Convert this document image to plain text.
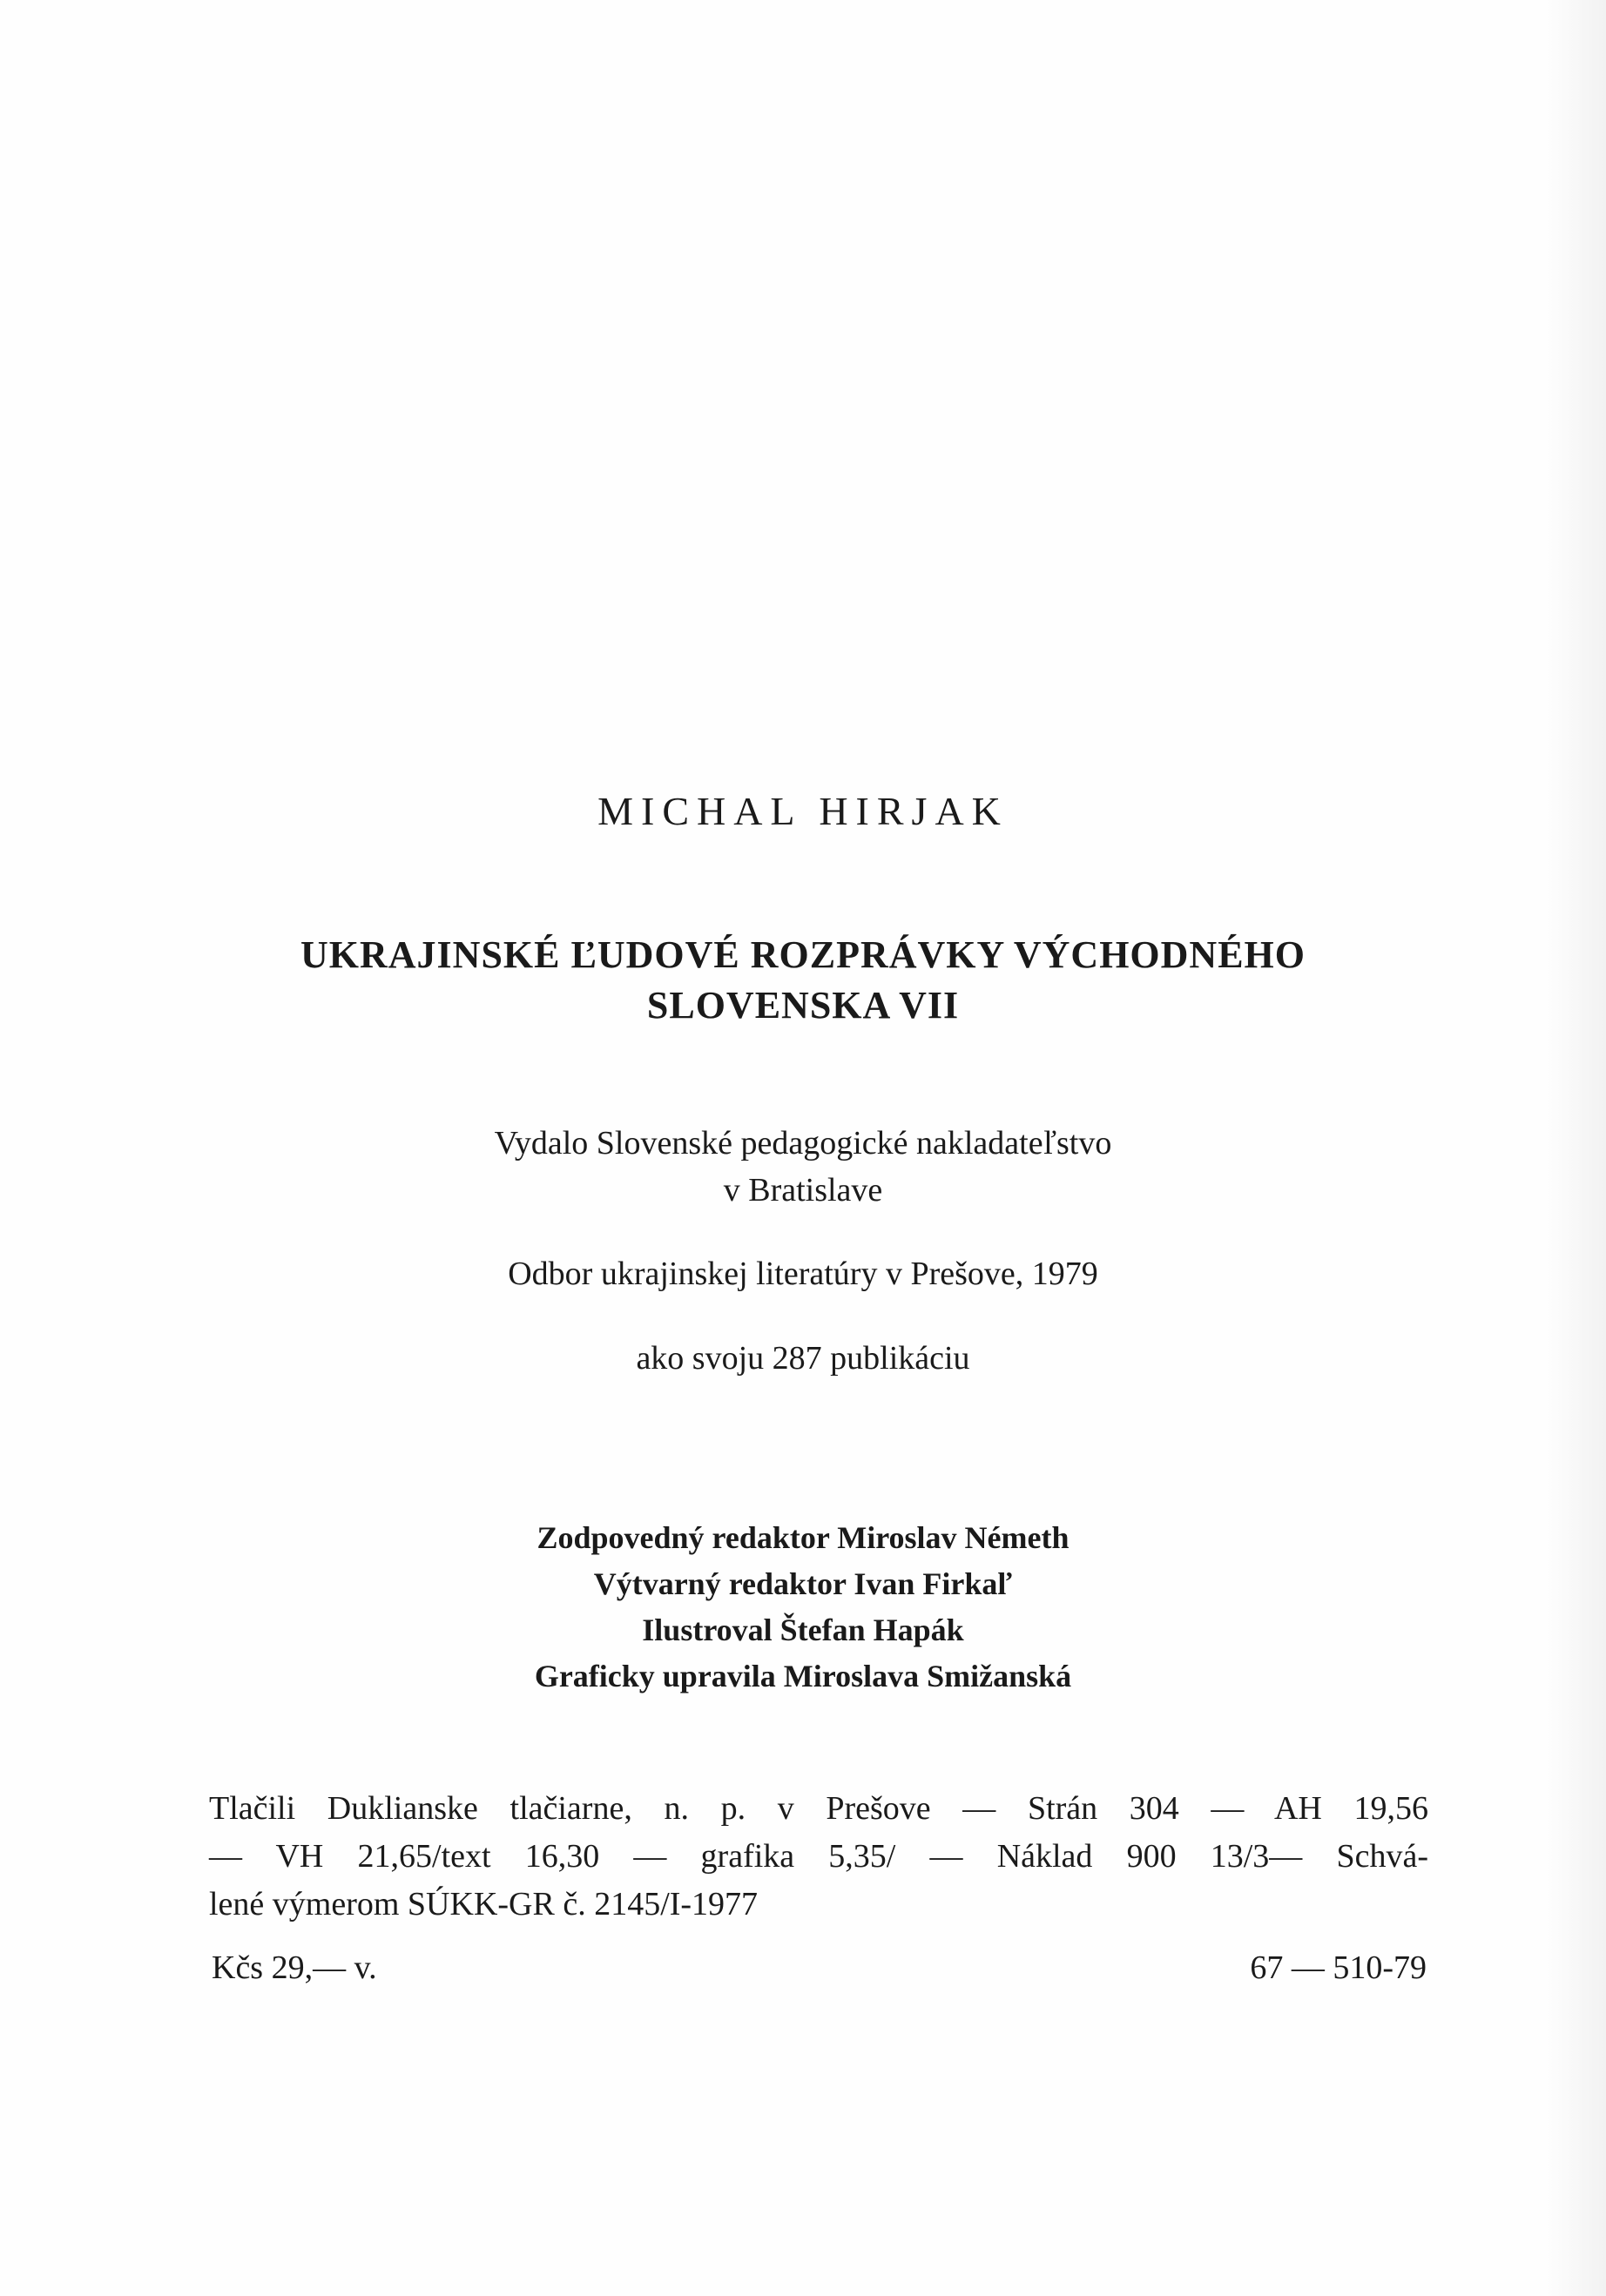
MICHAL HIRJAK
UKRAJINSKÉ ĽUDOVÉ ROZPRÁVKY VÝCHODNÉHO
SLOVENSKA VII
Vydalo Slovenské pedagogické nakladateľstvo
v Bratislave
Odbor ukrajinskej literatúry v Prešove, 1979
ako svoju 287 publikáciu
Zodpovedný redaktor Miroslav Németh
Výtvarný redaktor Ivan Firkaľ
Ilustroval Štefan Hapák
Graficky upravila Miroslava Smižanská
Tlačili Duklianske tlačiarne, n. p. v Prešove — Strán 304 — AH 19,56
— VH 21,65/text 16,30 — grafika 5,35/ — Náklad 900 13/3— Schvá-
lené výmerom SÚKK-GR č. 2145/I-1977
Kčs 29,— v.	67 — 510-79
